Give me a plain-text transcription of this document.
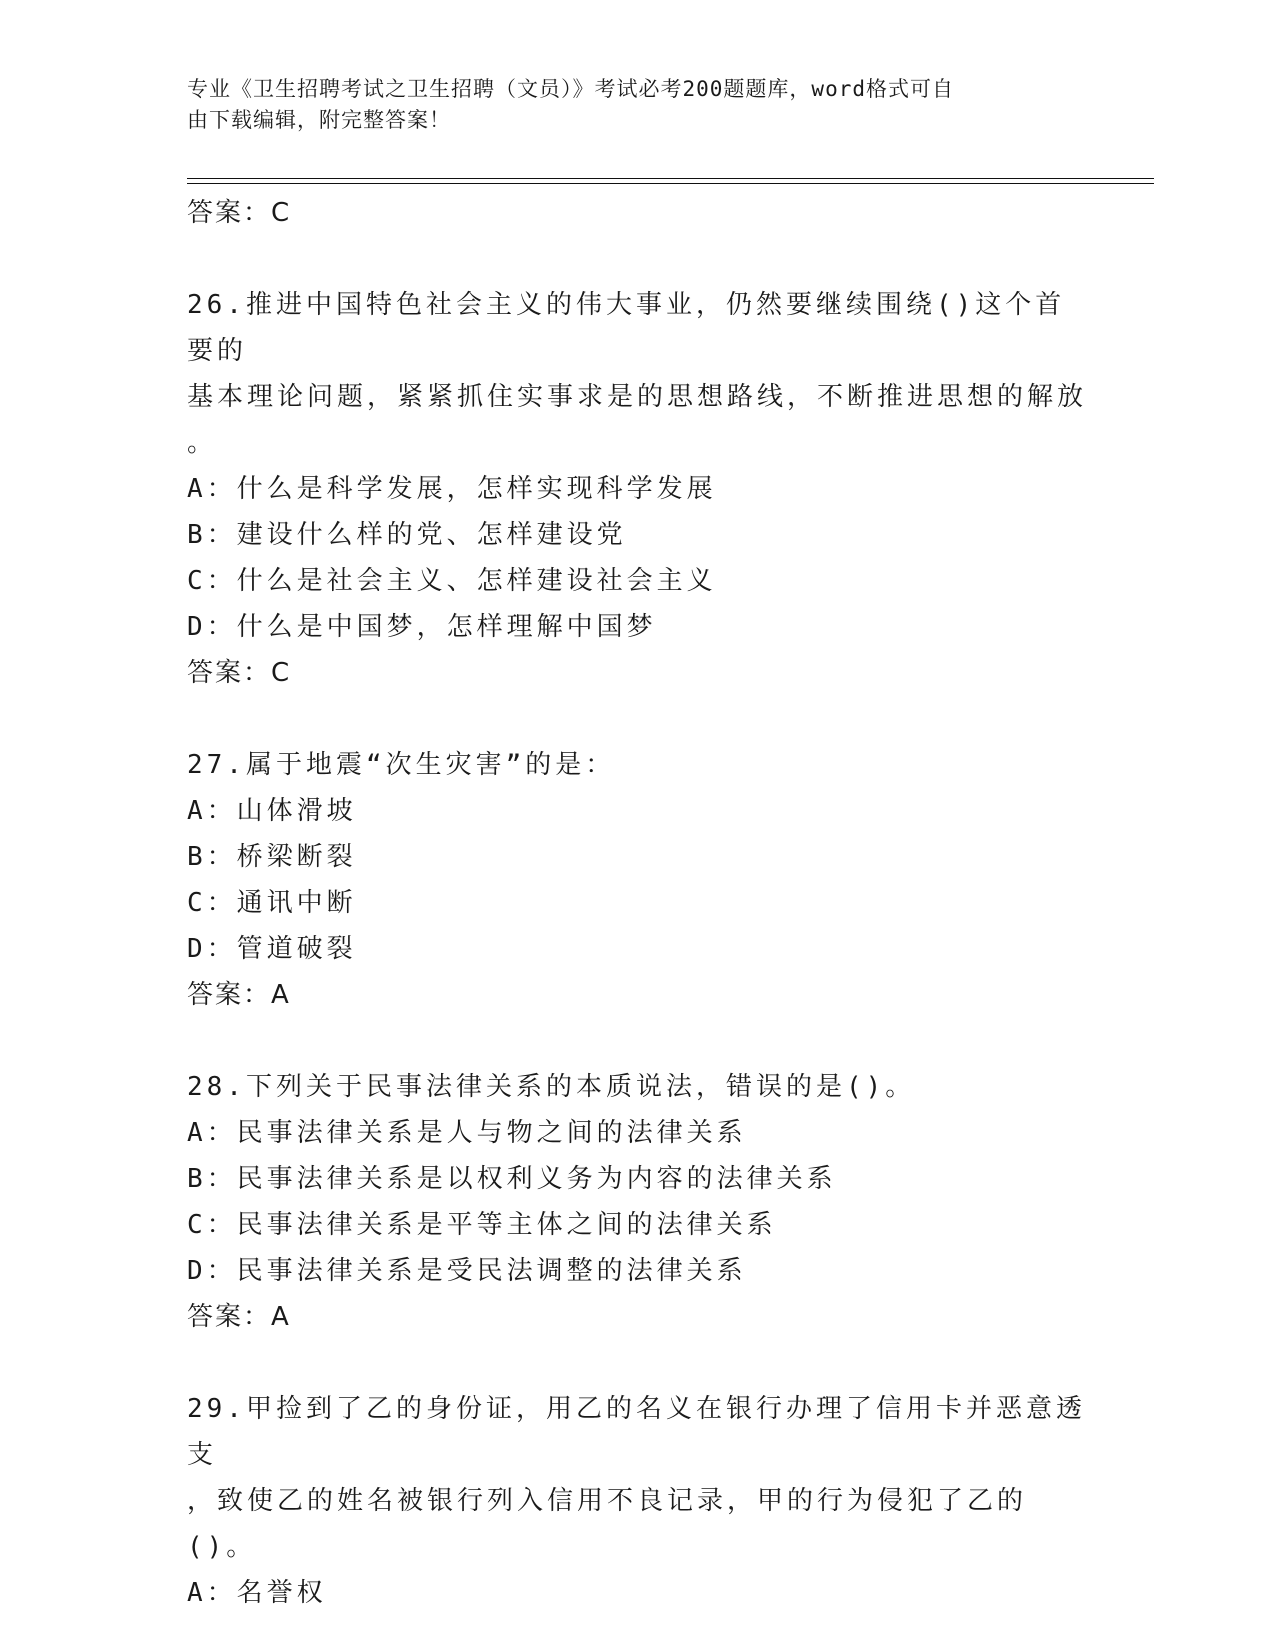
专业《卫生招聘考试之卫生招聘（文员）》考试必考200题题库，word格式可自
由下载编辑，附完整答案！
答案：C
26.推进中国特色社会主义的伟大事业，仍然要继续围绕()这个首要的
基本理论问题，紧紧抓住实事求是的思想路线，不断推进思想的解放
。
A：什么是科学发展，怎样实现科学发展
B：建设什么样的党、怎样建设党
C：什么是社会主义、怎样建设社会主义
D：什么是中国梦，怎样理解中国梦
答案：C
27.属于地震“次生灾害”的是：
A：山体滑坡
B：桥梁断裂
C：通讯中断
D：管道破裂
答案：A
28.下列关于民事法律关系的本质说法，错误的是()。
A：民事法律关系是人与物之间的法律关系
B：民事法律关系是以权利义务为内容的法律关系
C：民事法律关系是平等主体之间的法律关系
D：民事法律关系是受民法调整的法律关系
答案：A
29.甲捡到了乙的身份证，用乙的名义在银行办理了信用卡并恶意透支
，致使乙的姓名被银行列入信用不良记录，甲的行为侵犯了乙的()。
A：名誉权
